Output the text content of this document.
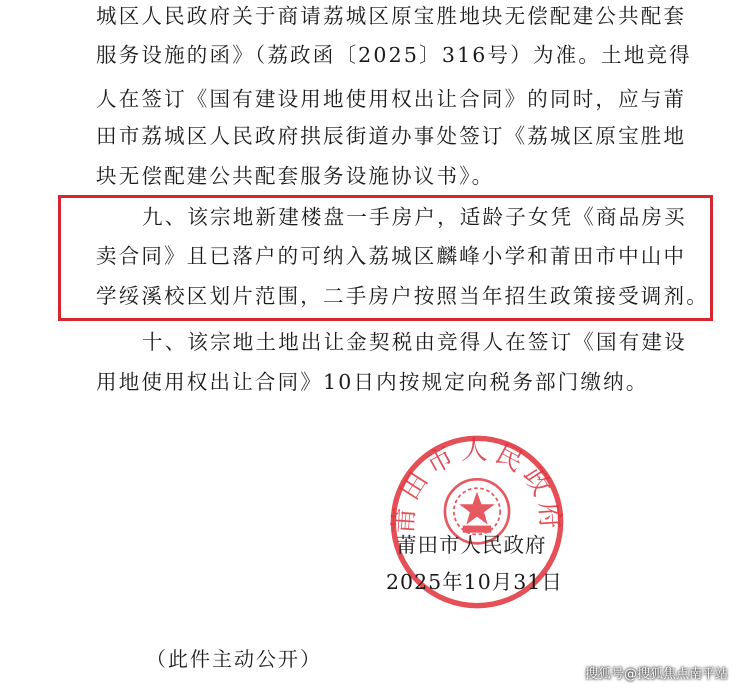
城区人民政府关于商请荔城区原宝胜地块无偿配建公共配套
服务设施的函》（荔政函〔2025〕316号）为准。土地竞得
人在签订《国有建设用地使用权出让合同》的同时，应与莆
田市荔城区人民政府拱辰街道办事处签订《荔城区原宝胜地
块无偿配建公共配套服务设施协议书》。
九、该宗地新建楼盘一手房户，适龄子女凭《商品房买
卖合同》且已落户的可纳入荔城区麟峰小学和莆田市中山中
学绥溪校区划片范围，二手房户按照当年招生政策接受调剂。
十、该宗地土地出让金契税由竞得人在签订《国有建设
用地使用权出让合同》10日内按规定向税务部门缴纳。
莆田市人民政府
莆田市人民政府
2025年10月31日
（此件主动公开）
搜狐号@搜狐焦点南平站
